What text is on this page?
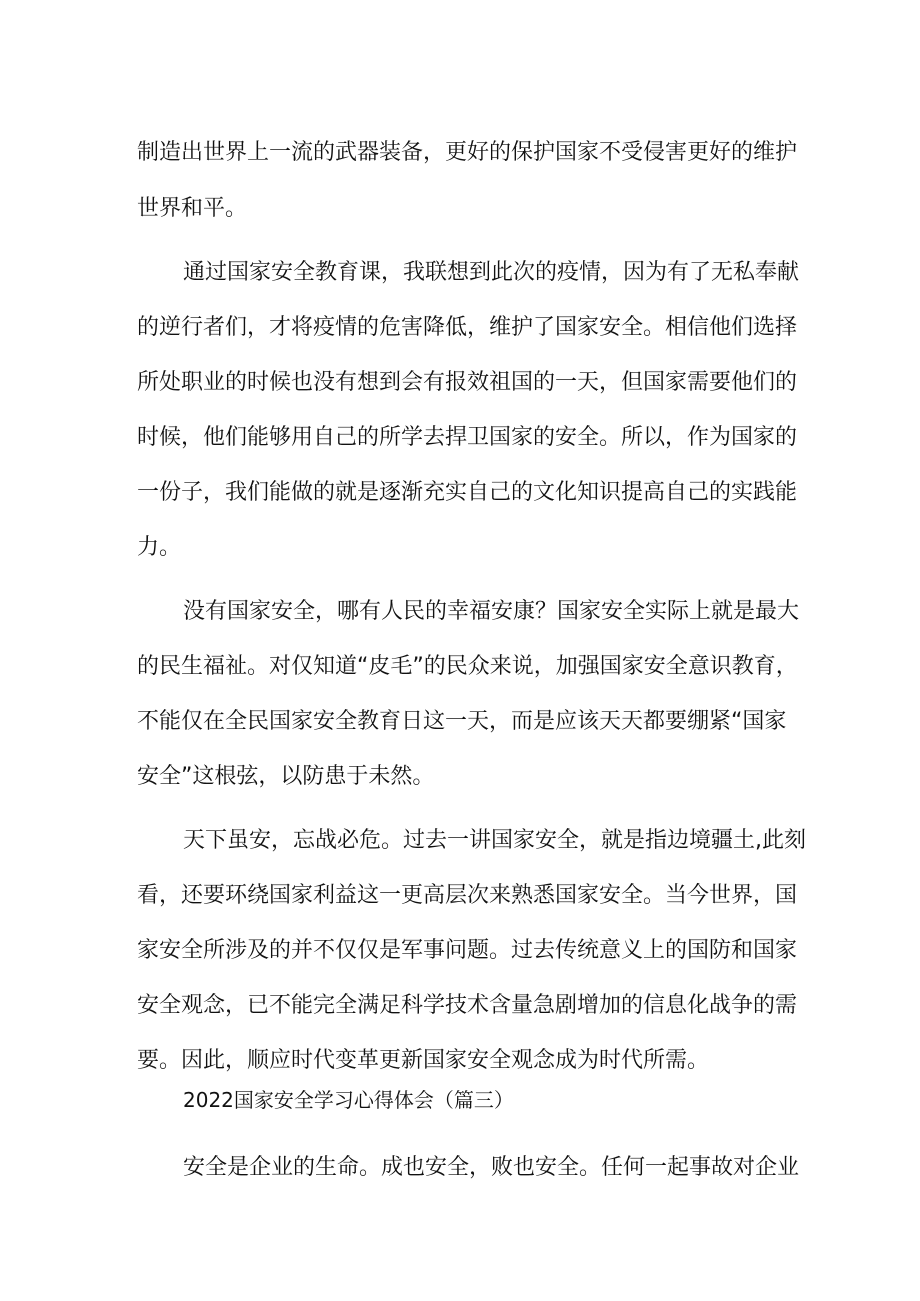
制造出世界上一流的武器装备，更好的保护国家不受侵害更好的维护

世界和平。

通过国家安全教育课，我联想到此次的疫情，因为有了无私奉献

的逆行者们，才将疫情的危害降低，维护了国家安全。相信他们选择

所处职业的时候也没有想到会有报效祖国的一天，但国家需要他们的

时候，他们能够用自己的所学去捍卫国家的安全。所以，作为国家的

一份子，我们能做的就是逐渐充实自己的文化知识提高自己的实践能

力。

没有国家安全，哪有人民的幸福安康？国家安全实际上就是最大

的民生福祉。对仅知道“皮毛”的民众来说，加强国家安全意识教育，

不能仅在全民国家安全教育日这一天，而是应该天天都要绷紧“国家

安全”这根弦，以防患于未然。

天下虽安，忘战必危。过去一讲国家安全，就是指边境疆土,此刻

看，还要环绕国家利益这一更高层次来熟悉国家安全。当今世界，国

家安全所涉及的并不仅仅是军事问题。过去传统意义上的国防和国家

安全观念，已不能完全满足科学技术含量急剧增加的信息化战争的需

要。因此，顺应时代变革更新国家安全观念成为时代所需。

2022国家安全学习心得体会（篇三）

安全是企业的生命。成也安全，败也安全。任何一起事故对企业
